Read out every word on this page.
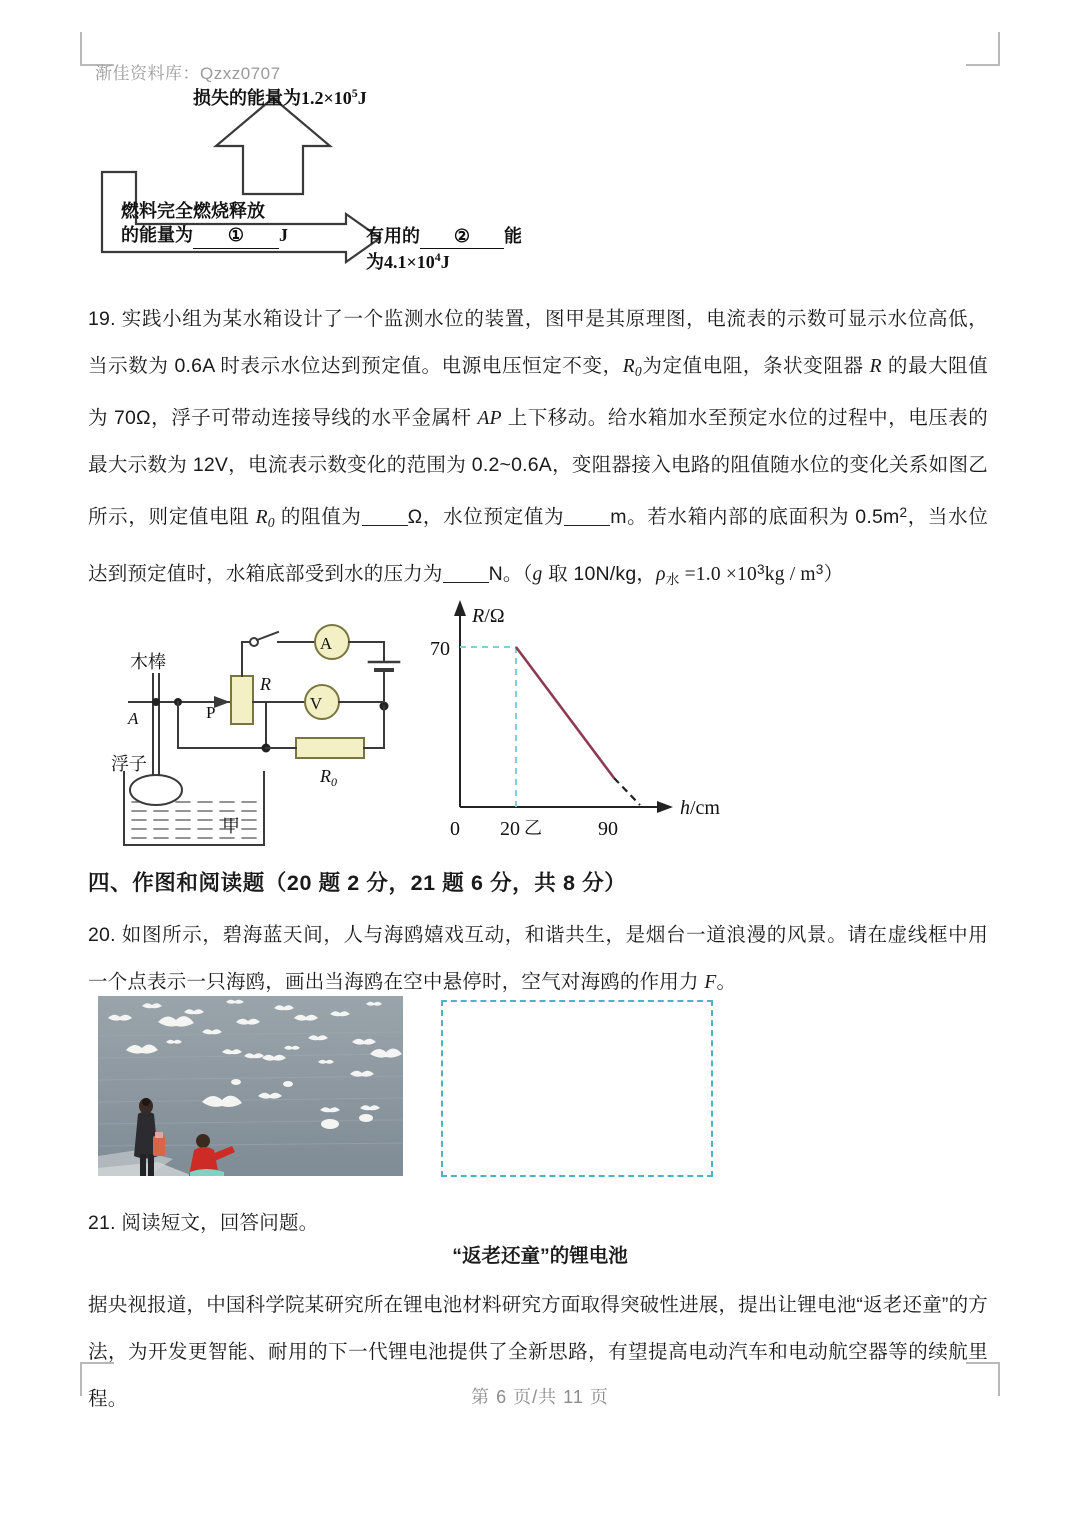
渐佳资料库：Qzxz0707
损失的能量为$1.2\times 10^5J$
燃料完全燃烧释放
的能量为 ① J	有用的 ② 能
为$4.1\times 10^4J$
19. 实践小组为某水箱设计了一个监测水位的装置，图甲是其原理图，电流表的示数可显示水位高低，当示数为 0.6A 时表示水位达到预定值。电源电压恒定不变，$R_0$为定值电阻，条状变阻器 R 的最大阻值为 70Ω，浮子可带动连接导线的水平金属杆 AP 上下移动。给水箱加水至预定水位的过程中，电压表的最大示数为 12V，电流表示数变化的范围为 0.2~0.6A，变阻器接入电路的阻值随水位的变化关系如图乙所示，则定值电阻 $R_0$ 的阻值为 Ω，水位预定值为 m。若水箱内部的底面积为 $0.5m^2$，当水位达到预定值时，水箱底部受到水的压力为 N。（g 取 10N/kg，$\rho_水 =1.0 \times 10^3kg / m^3$）
木棒
A
浮子
P
R
$R_0$
A
V
R/Ω
h/cm
70
0 20	90
甲	乙
四、作图和阅读题（20 题 2 分，21 题 6 分，共 8 分）
20. 如图所示，碧海蓝天间，人与海鸥嬉戏互动，和谐共生，是烟台一道浪漫的风景。请在虚线框中用一个点表示一只海鸥，画出当海鸥在空中悬停时，空气对海鸥的作用力 F。
21. 阅读短文，回答问题。
“返老还童”的锂电池
据央视报道，中国科学院某研究所在锂电池材料研究方面取得突破性进展，提出让锂电池“返老还童”的方法，为开发更智能、耐用的下一代锂电池提供了全新思路，有望提高电动汽车和电动航空器等的续航里程。	第 6 页/共 11 页
